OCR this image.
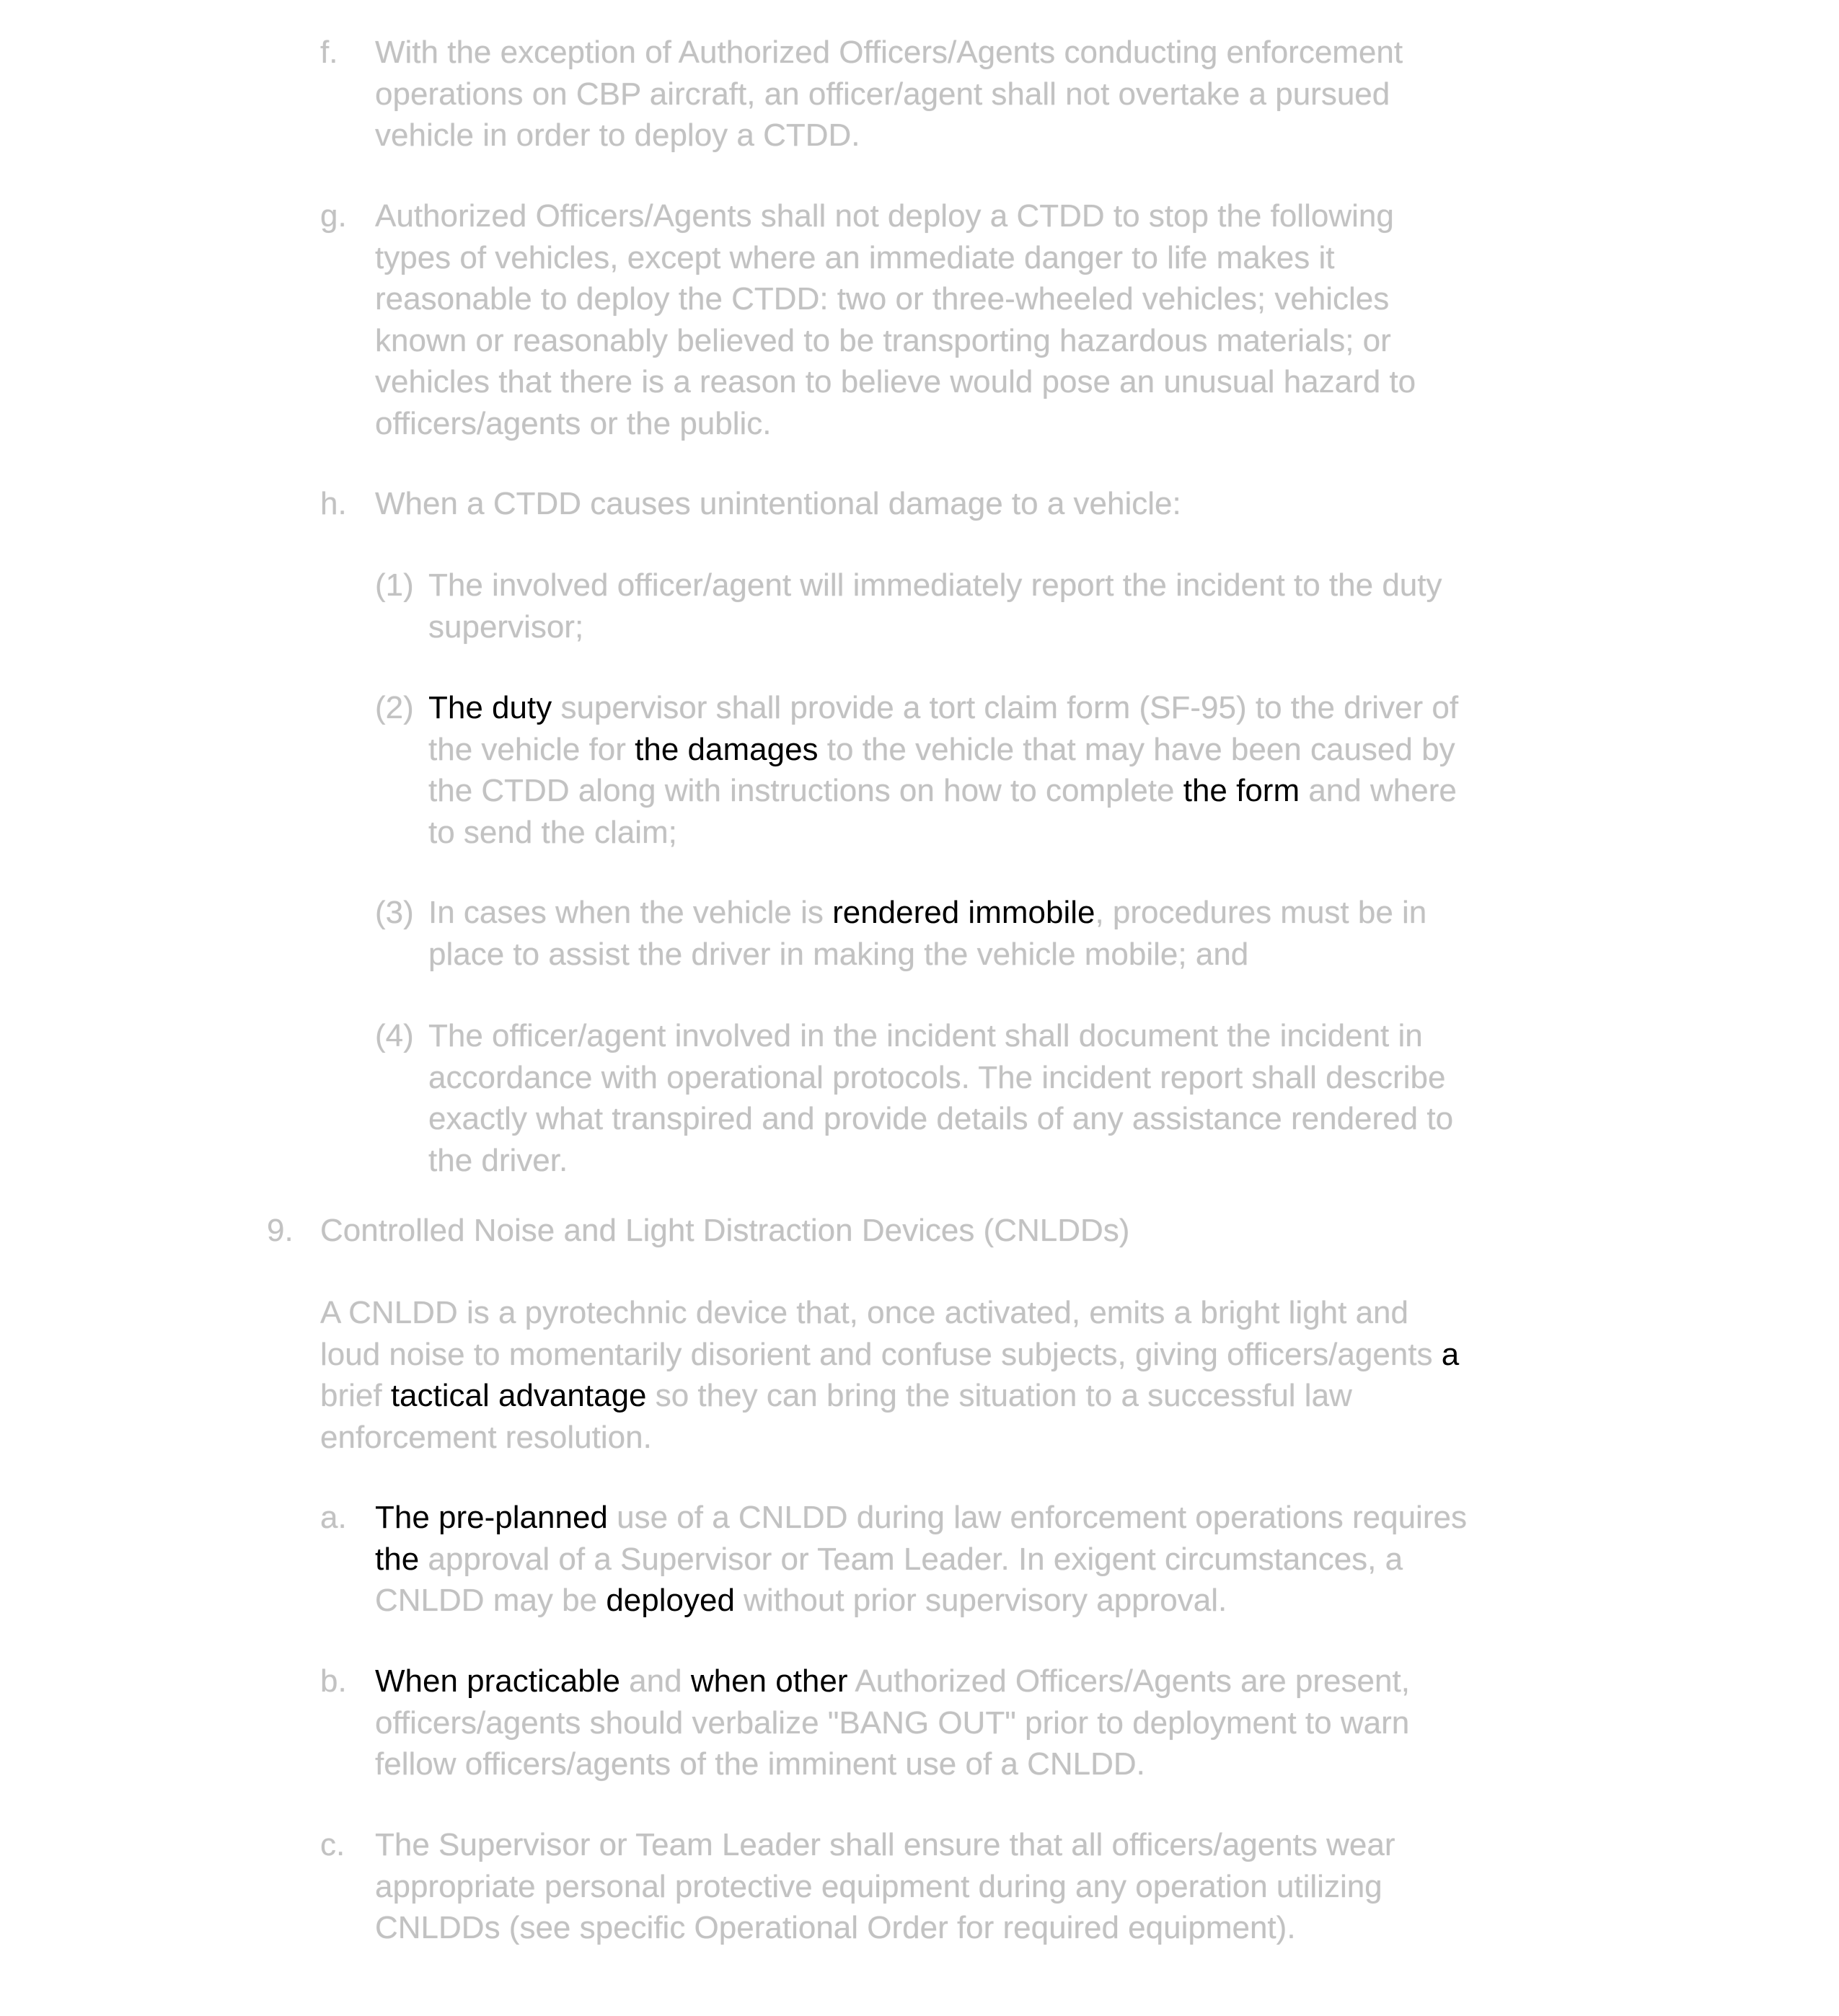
f. With the exception of Authorized Officers/Agents conducting enforcement
operations on CBP aircraft, an officer/agent shall not overtake a pursued
vehicle in order to deploy a CTDD.
g. Authorized Officers/Agents shall not deploy a CTDD to stop the following
types of vehicles, except where an immediate danger to life makes it
reasonable to deploy the CTDD: two or three-wheeled vehicles; vehicles
known or reasonably believed to be transporting hazardous materials; or
vehicles that there is a reason to believe would pose an unusual hazard to
officers/agents or the public.
h. When a CTDD causes unintentional damage to a vehicle:
(1) The involved officer/agent will immediately report the incident to the duty
supervisor;
(2) The duty supervisor shall provide a tort claim form (SF-95) to the driver of
the vehicle for the damages to the vehicle that may have been caused by
the CTDD along with instructions on how to complete the form and where
to send the claim;
(3) In cases when the vehicle is rendered immobile, procedures must be in
place to assist the driver in making the vehicle mobile; and
(4) The officer/agent involved in the incident shall document the incident in
accordance with operational protocols. The incident report shall describe
exactly what transpired and provide details of any assistance rendered to
the driver.
9. Controlled Noise and Light Distraction Devices (CNLDDs)
A CNLDD is a pyrotechnic device that, once activated, emits a bright light and
loud noise to momentarily disorient and confuse subjects, giving officers/agents a
brief tactical advantage so they can bring the situation to a successful law
enforcement resolution.
a. The pre-planned use of a CNLDD during law enforcement operations requires
the approval of a Supervisor or Team Leader. In exigent circumstances, a
CNLDD may be deployed without prior supervisory approval.
b. When practicable and when other Authorized Officers/Agents are present,
officers/agents should verbalize "BANG OUT" prior to deployment to warn
fellow officers/agents of the imminent use of a CNLDD.
c. The Supervisor or Team Leader shall ensure that all officers/agents wear
appropriate personal protective equipment during any operation utilizing
CNLDDs (see specific Operational Order for required equipment).
